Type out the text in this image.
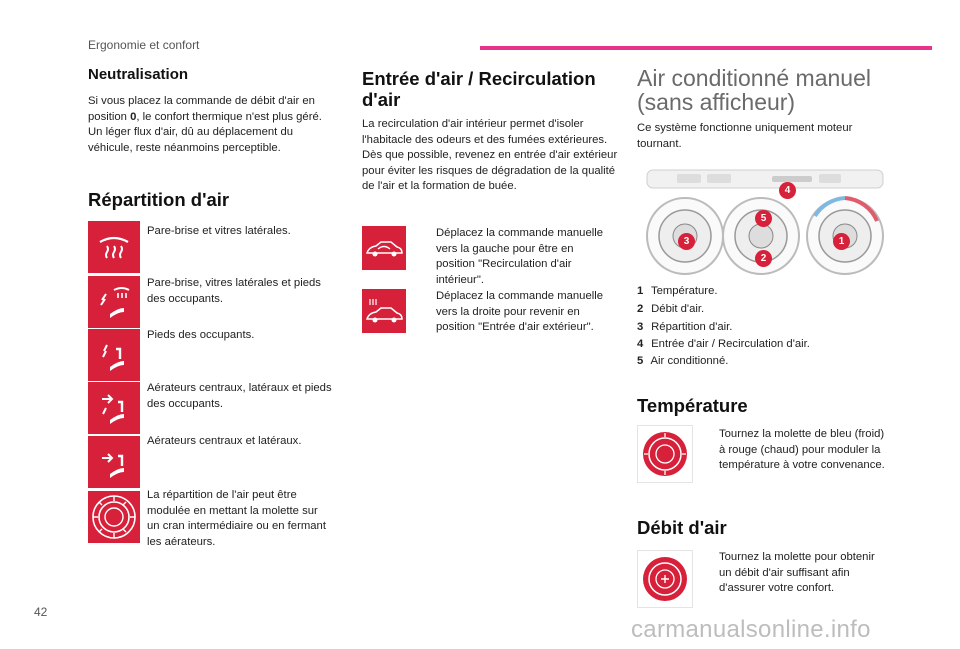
Ergonomie et confort
Neutralisation
Si vous placez la commande de débit d'air en position 0, le confort thermique n'est plus géré. Un léger flux d'air, dû au déplacement du véhicule, reste néanmoins perceptible.
Répartition d'air
Pare-brise et vitres latérales.
Pare-brise, vitres latérales et pieds des occupants.
Pieds des occupants.
Aérateurs centraux, latéraux et pieds des occupants.
Aérateurs centraux et latéraux.
La répartition de l'air peut être modulée en mettant la molette sur un cran intermédiaire ou en fermant les aérateurs.
Entrée d'air / Recirculation d'air
La recirculation d'air intérieur permet d'isoler l'habitacle des odeurs et des fumées extérieures.
Dès que possible, revenez en entrée d'air extérieur pour éviter les risques de dégradation de la qualité de l'air et la formation de buée.
Déplacez la commande manuelle vers la gauche pour être en position "Recirculation d'air intérieur".
Déplacez la commande manuelle vers la droite pour revenir en position "Entrée d'air extérieur".
Air conditionné manuel (sans afficheur)
Ce système fonctionne uniquement moteur tournant.
1
2
3
4
5
1 Température.
2 Débit d'air.
3 Répartition d'air.
4 Entrée d'air / Recirculation d'air.
5 Air conditionné.
Température
Tournez la molette de bleu (froid) à rouge (chaud) pour moduler la température à votre convenance.
Débit d'air
Tournez la molette pour obtenir un débit d'air suffisant afin d'assurer votre confort.
42
carmanualsonline.info
